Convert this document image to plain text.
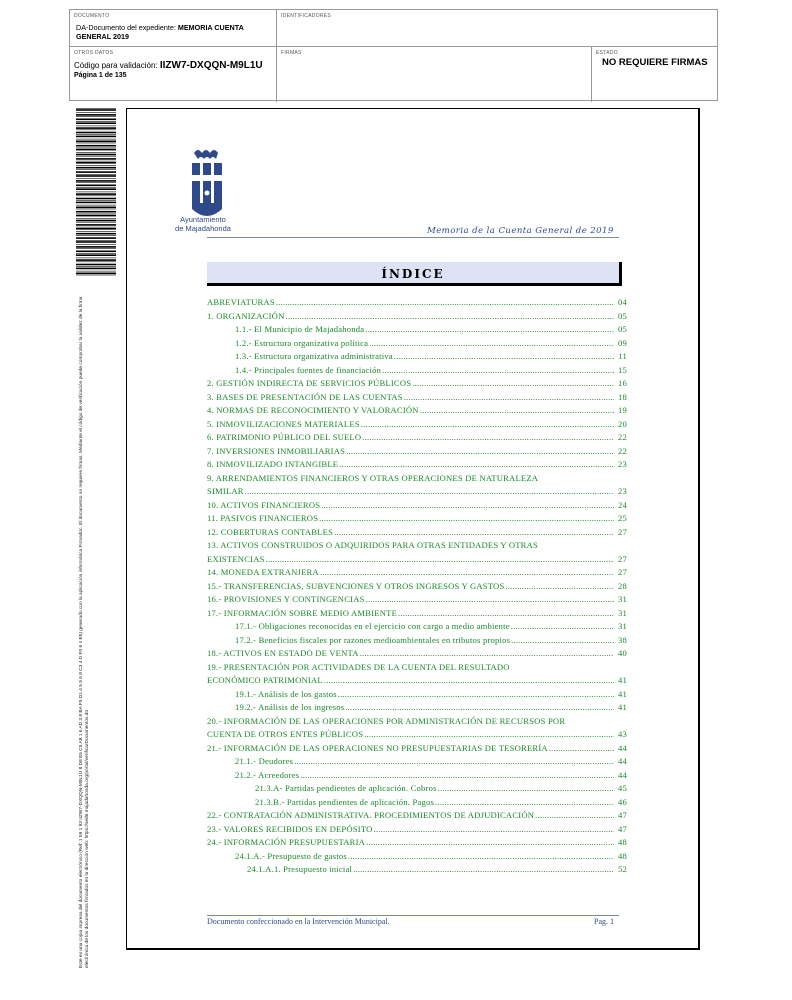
DOCUMENTO
DA-Documento del expediente: MEMORIA CUENTA GENERAL 2019
IDENTIFICADORES
OTROS DATOS
Código para validación: IIZW7-DXQQN-M9L1U
Página 1 de 135
FIRMAS	ESTADO
NO REQUIERE FIRMAS
Este es una copia impresa del documento electrónico (Ref: 1 59 1 93 IIZW7-DXQQN-M9L1U 8 D8 E5 C5 A8 1 6 AD 3 8 BA F5 D1 4 5 9 6 8 C3 4 D F0 6 4 E5) generado con la aplicación informática Firmadoc. El documento no requiere firmas. Mediante el código de verificación puede comprobar la validez de la firma electrónica de los documentos firmados en la dirección web: https://sede.majadahonda.org/portal/verificarDocumentos.do
Ayuntamiento
de Majadahonda	Memoria de la Cuenta General de 2019
ÍNDICE
ABREVIATURAS .....	04
1. ORGANIZACIÓN .....	05
1.1.- El Municipio de Majadahonda .....	05
1.2.- Estructura organizativa política .....	09
1.3.- Estructura organizativa administrativa .....	11
1.4.- Principales fuentes de financiación .....	15
2. GESTIÓN INDIRECTA DE SERVICIOS PÚBLICOS .....	16
3. BASES DE PRESENTACIÓN DE LAS CUENTAS .....	18
4. NORMAS DE RECONOCIMIENTO Y VALORACIÓN .....	19
5. INMOVILIZACIONES MATERIALES .....	20
6. PATRIMONIO PÚBLICO DEL SUELO .....	22
7. INVERSIONES INMOBILIARIAS .....	22
8. INMOVILIZADO INTANGIBLE .....	23
9. ARRENDAMIENTOS FINANCIEROS Y OTRAS OPERACIONES DE NATURALEZA
SIMILAR .....	23
10. ACTIVOS FINANCIEROS .....	24
11. PASIVOS FINANCIEROS .....	25
12. COBERTURAS CONTABLES .....	27
13. ACTIVOS CONSTRUIDOS O ADQUIRIDOS PARA OTRAS ENTIDADES Y OTRAS
EXISTENCIAS .....	27
14. MONEDA EXTRANJERA .....	27
15.- TRANSFERENCIAS, SUBVENCIONES Y OTROS INGRESOS Y GASTOS .....	28
16.- PROVISIONES Y CONTINGENCIAS .....	31
17.- INFORMACIÓN SOBRE MEDIO AMBIENTE .....	31
17.1.- Obligaciones reconocidas en el ejercicio con cargo a medio ambiente .....	31
17.2.- Beneficios fiscales por razones medioambientales en tributos propios .....	38
18.- ACTIVOS EN ESTADO DE VENTA .....	40
19.- PRESENTACIÓN POR ACTIVIDADES DE LA CUENTA DEL RESULTADO
ECONÓMICO PATRIMONIAL .....	41
19.1.- Análisis de los gastos .....	41
19.2.- Análisis de los ingresos .....	41
20.- INFORMACIÓN DE LAS OPERACIONES POR ADMINISTRACIÓN DE RECURSOS POR
CUENTA DE OTROS ENTES PÚBLICOS .....	43
21.- INFORMACIÓN DE LAS OPERACIONES NO PRESUPUESTARIAS DE TESORERÍA .....	44
21.1.- Deudores .....	44
21.2.- Acreedores .....	44
21.3.A- Partidas pendientes de aplicación. Cobros .....	45
21.3.B.- Partidas pendientes de aplicación. Pagos .....	46
22.- CONTRATACIÓN ADMINISTRATIVA. PROCEDIMIENTOS DE ADJUDICACIÓN .....	47
23.- VALORES RECIBIDOS EN DEPÓSITO .....	47
24.- INFORMACIÓN PRESUPUESTARIA .....	48
24.1.A.- Presupuesto de gastos .....	48
24.1.A.1. Presupuesto inicial .....	52
Documento confeccionado en la Intervención Municipal.	Pag. 1
